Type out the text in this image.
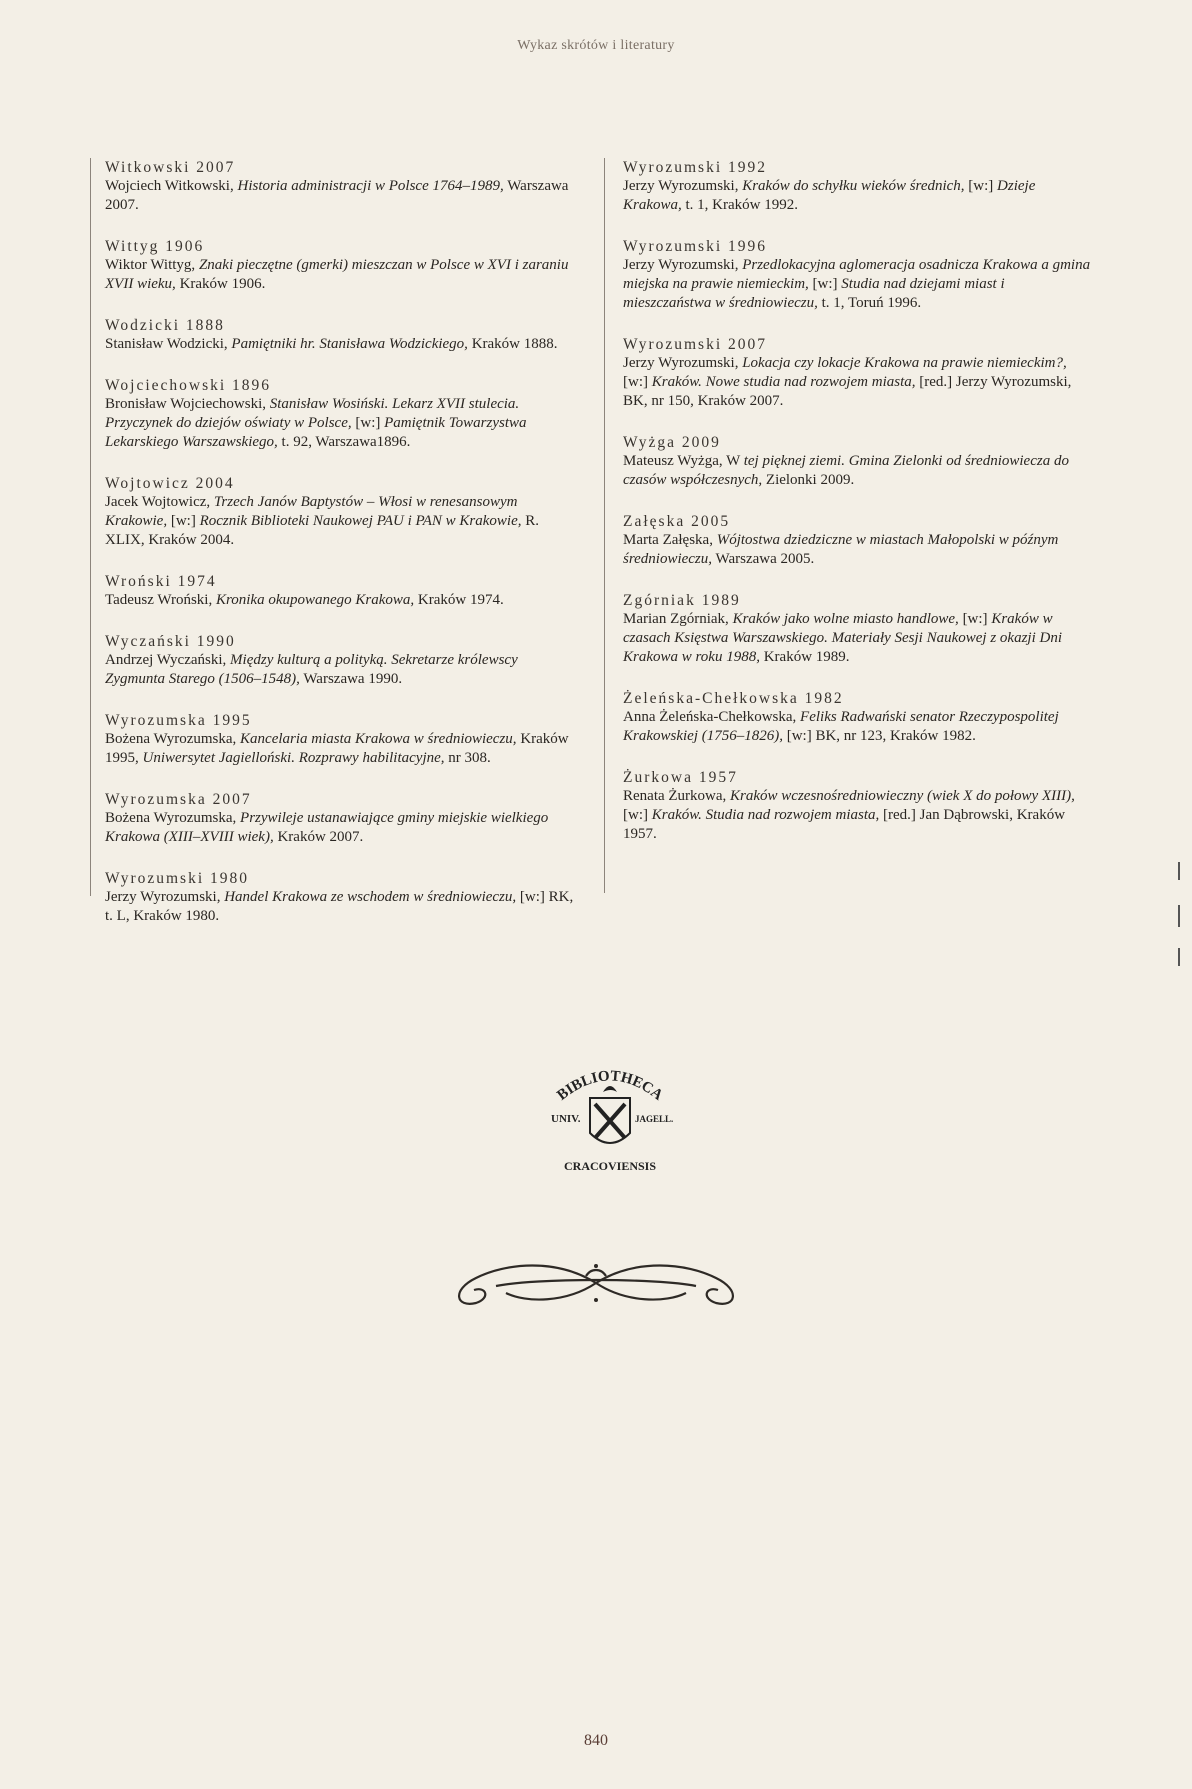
Wykaz skrótów i literatury
Witkowski 2007
Wojciech Witkowski, Historia administracji w Polsce 1764–1989, Warszawa 2007.
Wittyg 1906
Wiktor Wittyg, Znaki pieczętne (gmerki) mieszczan w Polsce w XVI i zaraniu XVII wieku, Kraków 1906.
Wodzicki 1888
Stanisław Wodzicki, Pamiętniki hr. Stanisława Wodzickiego, Kraków 1888.
Wojciechowski 1896
Bronisław Wojciechowski, Stanisław Wosiński. Lekarz XVII stulecia. Przyczynek do dziejów oświaty w Polsce, [w:] Pamiętnik Towarzystwa Lekarskiego Warszawskiego, t. 92, Warszawa1896.
Wojtowicz 2004
Jacek Wojtowicz, Trzech Janów Baptystów – Włosi w renesansowym Krakowie, [w:] Rocznik Biblioteki Naukowej PAU i PAN w Krakowie, R. XLIX, Kraków 2004.
Wroński 1974
Tadeusz Wroński, Kronika okupowanego Krakowa, Kraków 1974.
Wyczański 1990
Andrzej Wyczański, Między kulturą a polityką. Sekretarze królewscy Zygmunta Starego (1506–1548), Warszawa 1990.
Wyrozumska 1995
Bożena Wyrozumska, Kancelaria miasta Krakowa w średniowieczu, Kraków 1995, Uniwersytet Jagielloński. Rozprawy habilitacyjne, nr 308.
Wyrozumska 2007
Bożena Wyrozumska, Przywileje ustanawiające gminy miejskie wielkiego Krakowa (XIII–XVIII wiek), Kraków 2007.
Wyrozumski 1980
Jerzy Wyrozumski, Handel Krakowa ze wschodem w średniowieczu, [w:] RK, t. L, Kraków 1980.
Wyrozumski 1992
Jerzy Wyrozumski, Kraków do schyłku wieków średnich, [w:] Dzieje Krakowa, t. 1, Kraków 1992.
Wyrozumski 1996
Jerzy Wyrozumski, Przedlokacyjna aglomeracja osadnicza Krakowa a gmina miejska na prawie niemieckim, [w:] Studia nad dziejami miast i mieszczaństwa w średniowieczu, t. 1, Toruń 1996.
Wyrozumski 2007
Jerzy Wyrozumski, Lokacja czy lokacje Krakowa na prawie niemieckim?, [w:] Kraków. Nowe studia nad rozwojem miasta, [red.] Jerzy Wyrozumski, BK, nr 150, Kraków 2007.
Wyżga 2009
Mateusz Wyżga, W tej pięknej ziemi. Gmina Zielonki od średniowiecza do czasów współczesnych, Zielonki 2009.
Załęska 2005
Marta Załęska, Wójtostwa dziedziczne w miastach Małopolski w późnym średniowieczu, Warszawa 2005.
Zgórniak 1989
Marian Zgórniak, Kraków jako wolne miasto handlowe, [w:] Kraków w czasach Księstwa Warszawskiego. Materiały Sesji Naukowej z okazji Dni Krakowa w roku 1988, Kraków 1989.
Żeleńska-Chełkowska 1982
Anna Żeleńska-Chełkowska, Feliks Radwański senator Rzeczypospolitej Krakowskiej (1756–1826), [w:] BK, nr 123, Kraków 1982.
Żurkowa 1957
Renata Żurkowa, Kraków wczesnośredniowieczny (wiek X do połowy XIII), [w:] Kraków. Studia nad rozwojem miasta, [red.] Jan Dąbrowski, Kraków 1957.
BIBLIOTHECA
UNIV.	JAGELL.
CRACOVIENSIS
840
